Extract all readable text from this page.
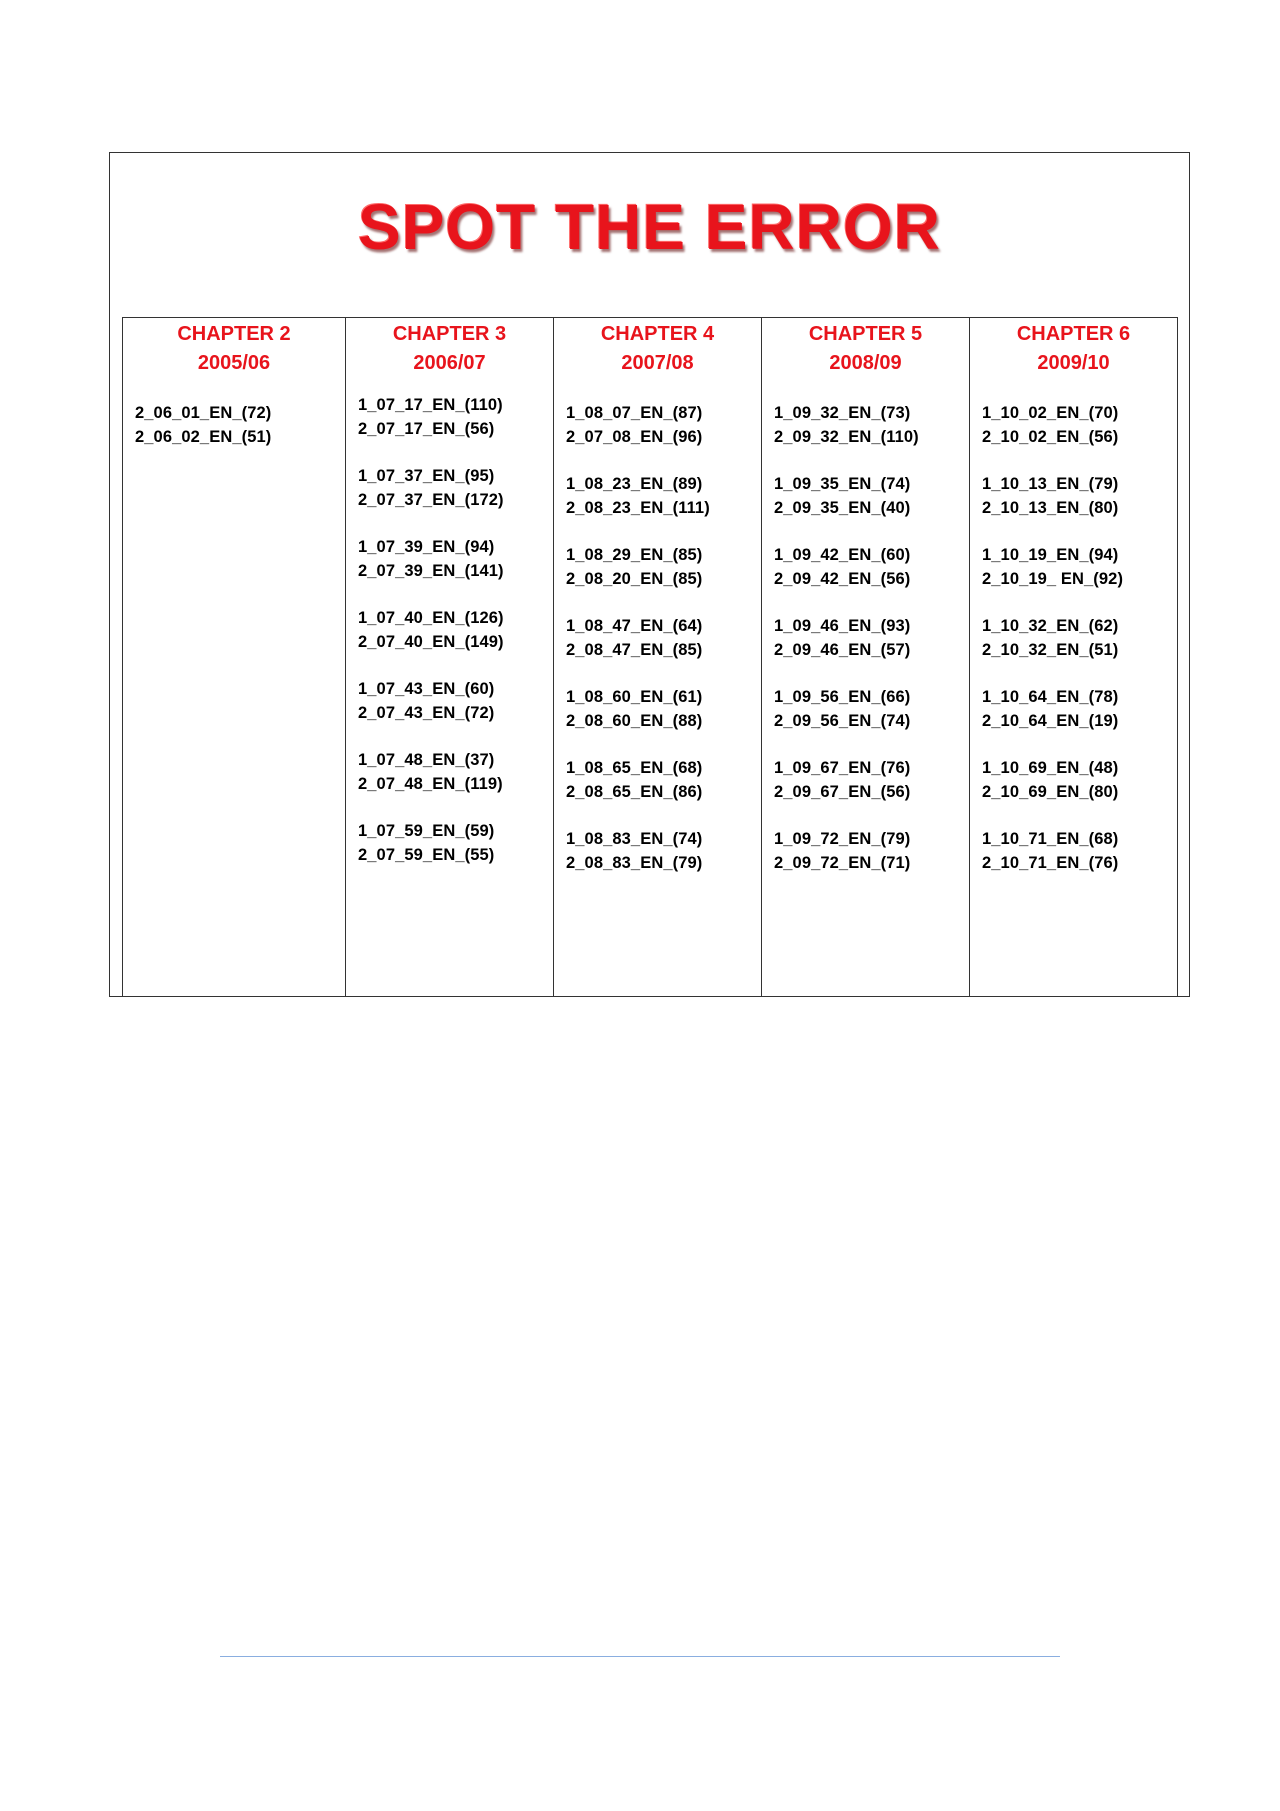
SPOT THE ERROR
CHAPTER 2
2005/06
2_06_01_EN_(72)
2_06_02_EN_(51)
CHAPTER 3
2006/07
1_07_17_EN_(110)
2_07_17_EN_(56)
1_07_37_EN_(95)
2_07_37_EN_(172)
1_07_39_EN_(94)
2_07_39_EN_(141)
1_07_40_EN_(126)
2_07_40_EN_(149)
1_07_43_EN_(60)
2_07_43_EN_(72)
1_07_48_EN_(37)
2_07_48_EN_(119)
1_07_59_EN_(59)
2_07_59_EN_(55)
CHAPTER 4
2007/08
1_08_07_EN_(87)
2_07_08_EN_(96)
1_08_23_EN_(89)
2_08_23_EN_(111)
1_08_29_EN_(85)
2_08_20_EN_(85)
1_08_47_EN_(64)
2_08_47_EN_(85)
1_08_60_EN_(61)
2_08_60_EN_(88)
1_08_65_EN_(68)
2_08_65_EN_(86)
1_08_83_EN_(74)
2_08_83_EN_(79)
CHAPTER 5
2008/09
1_09_32_EN_(73)
2_09_32_EN_(110)
1_09_35_EN_(74)
2_09_35_EN_(40)
1_09_42_EN_(60)
2_09_42_EN_(56)
1_09_46_EN_(93)
2_09_46_EN_(57)
1_09_56_EN_(66)
2_09_56_EN_(74)
1_09_67_EN_(76)
2_09_67_EN_(56)
1_09_72_EN_(79)
2_09_72_EN_(71)
CHAPTER 6
2009/10
1_10_02_EN_(70)
2_10_02_EN_(56)
1_10_13_EN_(79)
2_10_13_EN_(80)
1_10_19_EN_(94)
2_10_19_ EN_(92)
1_10_32_EN_(62)
2_10_32_EN_(51)
1_10_64_EN_(78)
2_10_64_EN_(19)
1_10_69_EN_(48)
2_10_69_EN_(80)
1_10_71_EN_(68)
2_10_71_EN_(76)
